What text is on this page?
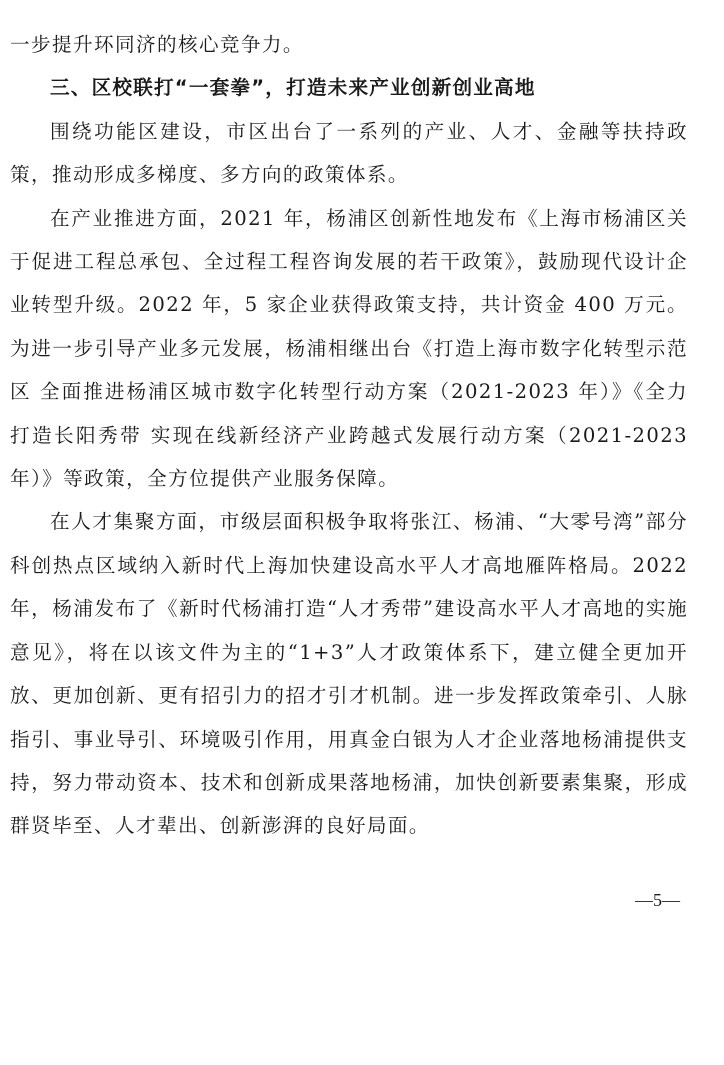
一步提升环同济的核心竞争力。

三、区校联打“一套拳”，打造未来产业创新创业高地

围绕功能区建设，市区出台了一系列的产业、人才、金融等扶持政策，推动形成多梯度、多方向的政策体系。

在产业推进方面，2021 年，杨浦区创新性地发布《上海市杨浦区关于促进工程总承包、全过程工程咨询发展的若干政策》，鼓励现代设计企业转型升级。2022 年，5 家企业获得政策支持，共计资金 400 万元。为进一步引导产业多元发展，杨浦相继出台《打造上海市数字化转型示范区 全面推进杨浦区城市数字化转型行动方案（2021-2023 年）》《全力打造长阳秀带 实现在线新经济产业跨越式发展行动方案（2021-2023 年）》等政策，全方位提供产业服务保障。

在人才集聚方面，市级层面积极争取将张江、杨浦、“大零号湾”部分科创热点区域纳入新时代上海加快建设高水平人才高地雁阵格局。2022 年，杨浦发布了《新时代杨浦打造“人才秀带”建设高水平人才高地的实施意见》，将在以该文件为主的“1+3”人才政策体系下，建立健全更加开放、更加创新、更有招引力的招才引才机制。进一步发挥政策牵引、人脉指引、事业导引、环境吸引作用，用真金白银为人才企业落地杨浦提供支持，努力带动资本、技术和创新成果落地杨浦，加快创新要素集聚，形成群贤毕至、人才辈出、创新澎湃的良好局面。

—5—
